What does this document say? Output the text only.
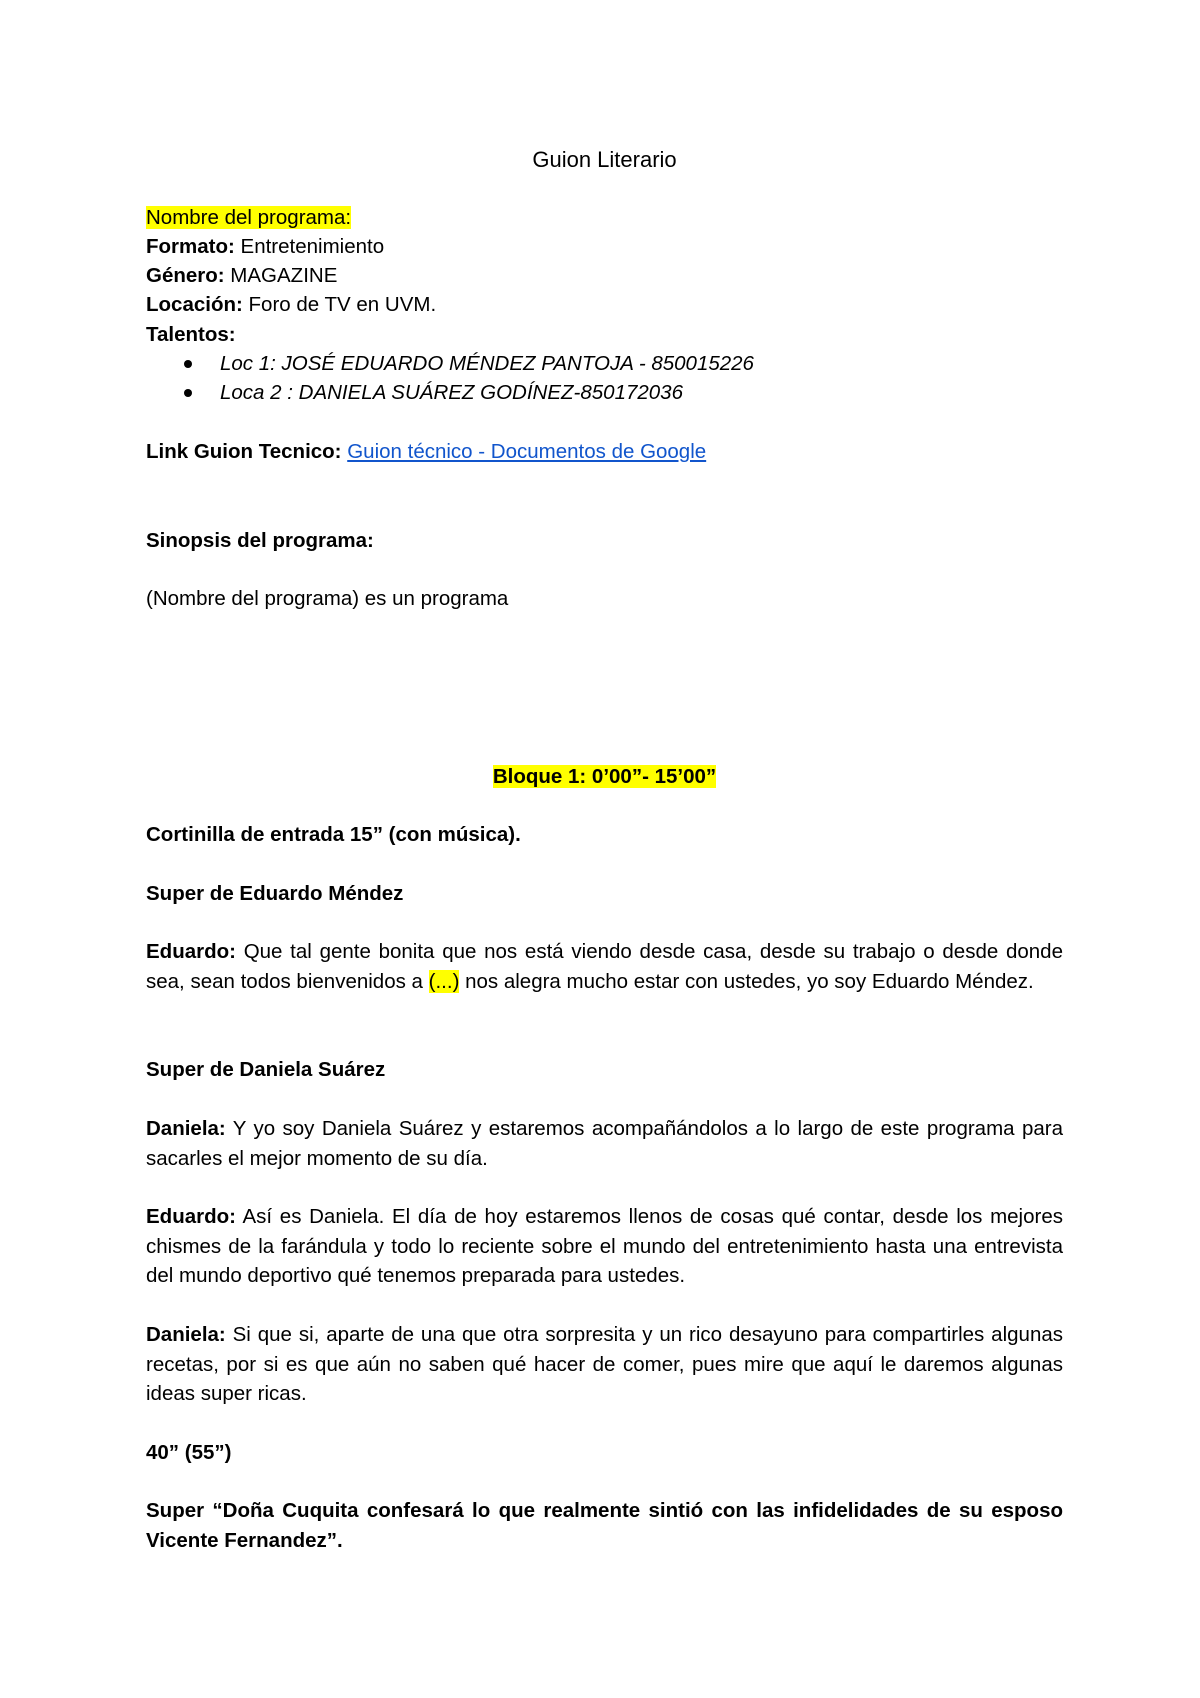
Guion Literario
Nombre del programa:
Formato: Entretenimiento
Género: MAGAZINE
Locación: Foro de TV en UVM.
Talentos:
Loc 1: JOSÉ EDUARDO MÉNDEZ PANTOJA - 850015226
Loca 2 : DANIELA SUÁREZ GODÍNEZ-850172036
Link Guion Tecnico: Guion técnico - Documentos de Google
Sinopsis del programa:
(Nombre del programa) es un programa
Bloque 1: 0’00”- 15’00”
Cortinilla de entrada 15” (con música).
Super de Eduardo Méndez
Eduardo: Que tal gente bonita que nos está viendo desde casa, desde su trabajo o desde donde sea, sean todos bienvenidos a (...) nos alegra mucho estar con ustedes, yo soy Eduardo Méndez.
Super de Daniela Suárez
Daniela: Y yo soy Daniela Suárez y estaremos acompañándolos a lo largo de este programa para sacarles el mejor momento de su día.
Eduardo: Así es Daniela. El día de hoy estaremos llenos de cosas qué contar, desde los mejores chismes de la farándula y todo lo reciente sobre el mundo del entretenimiento hasta una entrevista del mundo deportivo qué tenemos preparada para ustedes.
Daniela: Si que si, aparte de una que otra sorpresita y un rico desayuno para compartirles algunas recetas, por si es que aún no saben qué hacer de comer, pues mire que aquí le daremos algunas ideas super ricas.
40” (55”)
Super “Doña Cuquita confesará lo que realmente sintió con las infidelidades de su esposo Vicente Fernandez”.
